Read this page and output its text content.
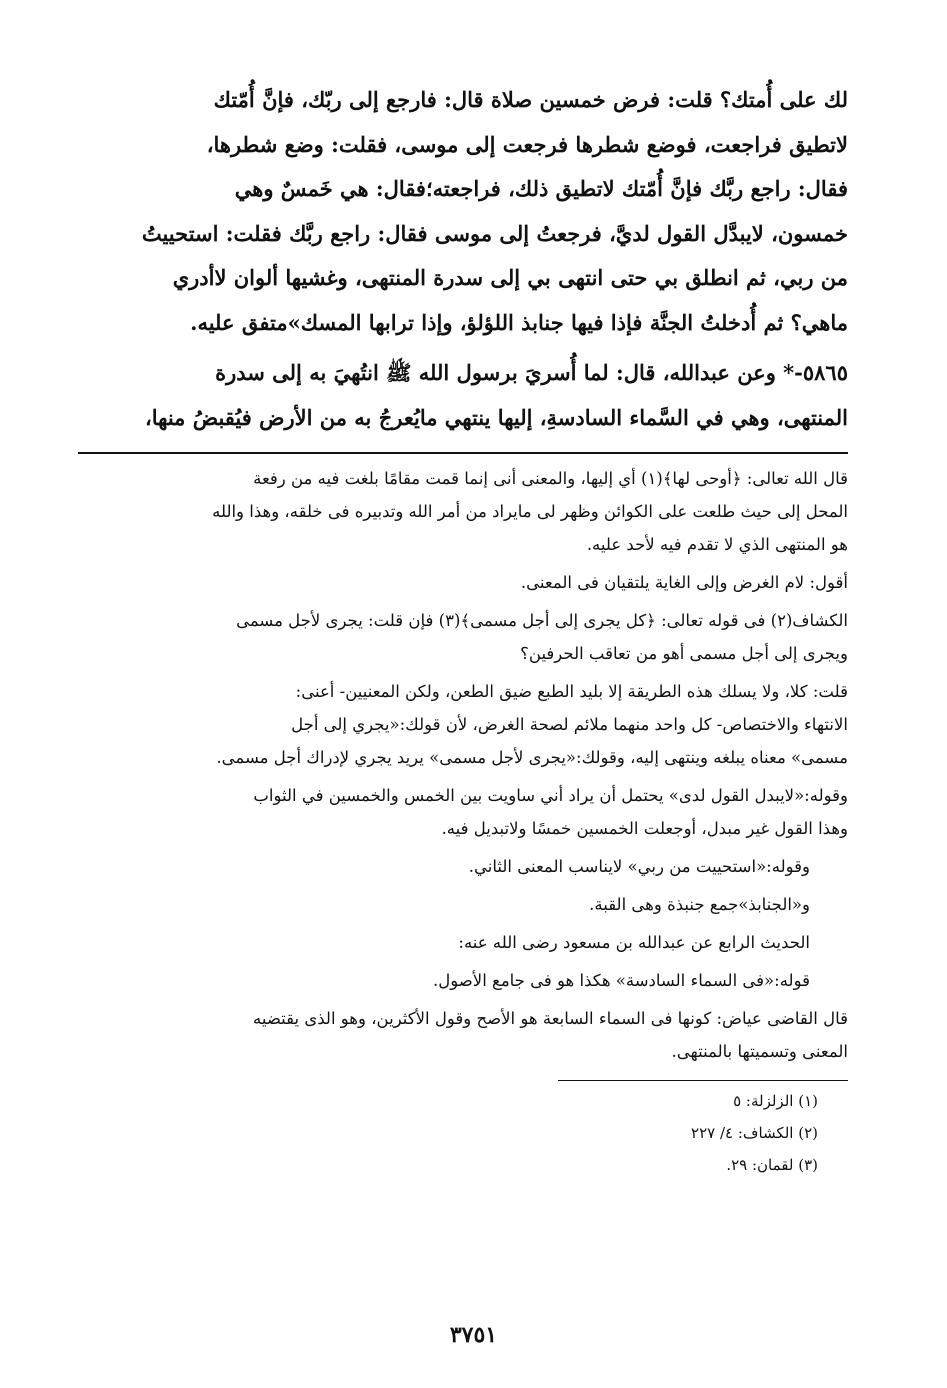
لك على أُمتك؟ قلت: فرض خمسين صلاة قال: فارجع إلى ربّك، فإنَّ أُمّتك
لاتطيق فراجعت، فوضع شطرها فرجعت إلى موسى، فقلت: وضع شطرها،
فقال: راجع ربَّك فإنَّ أُمّتك لاتطيق ذلك، فراجعته؛فقال: هي خَمسٌ وهي
خمسون، لايبدَّل القول لديَّ، فرجعتُ إلى موسى فقال: راجع ربَّك فقلت: استحييتُ
من ربي، ثم انطلق بي حتى انتهى بي إلى سدرة المنتهى، وغشيها ألوان لاأدري
ماهي؟ ثم أُدخلتُ الجنَّة فإذا فيها جنابذ اللؤلؤ، وإذا ترابها المسك»متفق عليه.

٥٨٦٥-* وعن عبدالله، قال: لما أُسريَ برسول الله ﷺ انتُهيَ به إلى سدرة
المنتهى، وهي في السَّماء السادسةِ، إليها ينتهي مايُعرجُ به من الأرض فيُقبضُ منها،

قال الله تعالى: ﴿أوحى لها﴾(١) أي إليها، والمعنى أنى إنما قمت مقامًا بلغت فيه من رفعة
المحل إلى حيث طلعت على الكوائن وظهر لى مايراد من أمر الله وتدبيره فى خلقه، وهذا والله
هو المنتهى الذي لا تقدم فيه لأحد عليه.

أقول: لام الغرض وإلى الغاية يلتقيان فى المعنى.

الكشاف(٢) فى قوله تعالى: ﴿كل يجرى إلى أجل مسمى﴾(٣) فإن قلت: يجرى لأجل مسمى
ويجرى إلى أجل مسمى أهو من تعاقب الحرفين؟

قلت: كلا، ولا يسلك هذه الطريقة إلا بليد الطبع ضيق الطعن، ولكن المعنيين- أعنى:
الانتهاء والاختصاص- كل واحد منهما ملائم لصحة الغرض، لأن قولك:«يجري إلى أجل
مسمى» معناه يبلغه وينتهى إليه، وقولك:«يجرى لأجل مسمى» يريد يجري لإدراك أجل مسمى.

وقوله:«لايبدل القول لدى» يحتمل أن يراد أني ساويت بين الخمس والخمسين في الثواب
وهذا القول غير مبدل، أوجعلت الخمسين خمسًا ولاتبديل فيه.

وقوله:«استحييت من ربي» لايناسب المعنى الثاني.

و«الجنابذ»جمع جنبذة وهى القبة.

الحديث الرابع عن عبدالله بن مسعود رضى الله عنه:

قوله:«فى السماء السادسة» هكذا هو فى جامع الأصول.

قال القاضى عياض: كونها فى السماء السابعة هو الأصح وقول الأكثرين، وهو الذى يقتضيه
المعنى وتسميتها بالمنتهى.

(١) الزلزلة: ٥
(٢) الكشاف: ٤/ ٢٢٧
(٣) لقمان: ٢٩.
٣٧٥١
